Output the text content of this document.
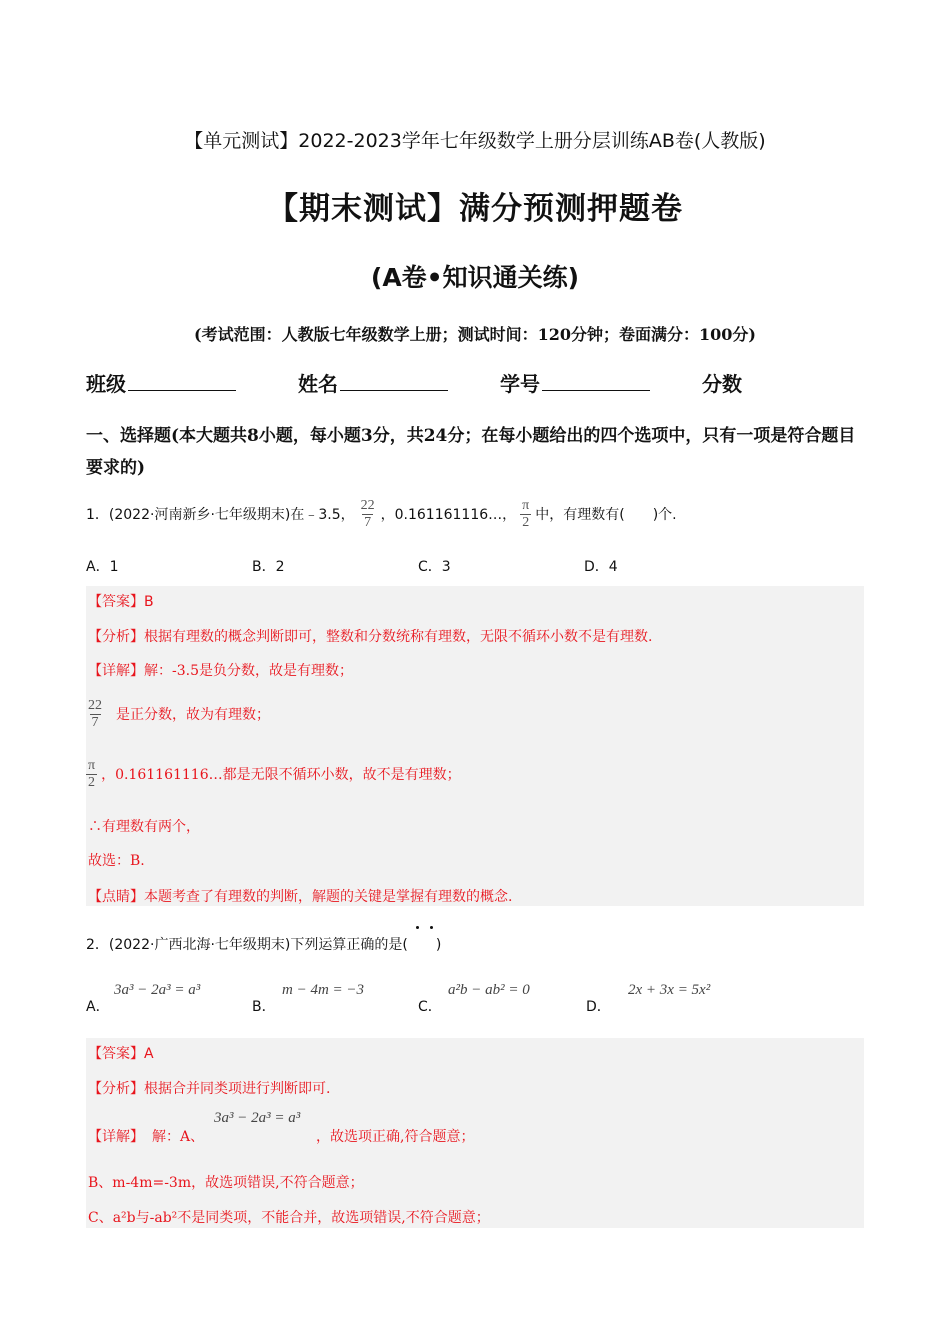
【单元测试】2022-2023学年七年级数学上册分层训练AB卷(人教版)
【期末测试】满分预测押题卷
(A卷•知识通关练)
(考试范围：人教版七年级数学上册；测试时间：120分钟；卷面满分：100分)
班级	姓名	学号	分数
一、选择题(本大题共8小题，每小题3分，共24分；在每小题给出的四个选项中，只有一项是符合题目要求的)
1．(2022·河南新乡·七年级期末)在﹣3.5， $\frac{22}{7}$ ，0.161161116…， $\frac{\pi}{2}$ 中，有理数有(　　)个.
A．1	B．2	C．3	D．4
【答案】B
【分析】根据有理数的概念判断即可，整数和分数统称有理数，无限不循环小数不是有理数.
【详解】解：-3.5是负分数，故是有理数；
$\frac{22}{7}$ 是正分数，故为有理数；
$\frac{\pi}{2}$ ，0.161161116…都是无限不循环小数，故不是有理数；
∴有理数有两个，
故选：B.
【点睛】本题考查了有理数的判断，解题的关键是掌握有理数的概念.
2．(2022·广西北海·七年级期末)下列运算正确的是(　　)
A．
3a³ − 2a³ = a³
B．
m − 4m = −3
C．
a²b − ab² = 0
D．
2x + 3x = 5x²
【答案】A
【分析】根据合并同类项进行判断即可.
【详解】 解：A、
3a³ − 2a³ = a³
，故选项正确,符合题意；
B、m-4m=-3m，故选项错误,不符合题意；
C、a²b与-ab²不是同类项，不能合并，故选项错误,不符合题意；
